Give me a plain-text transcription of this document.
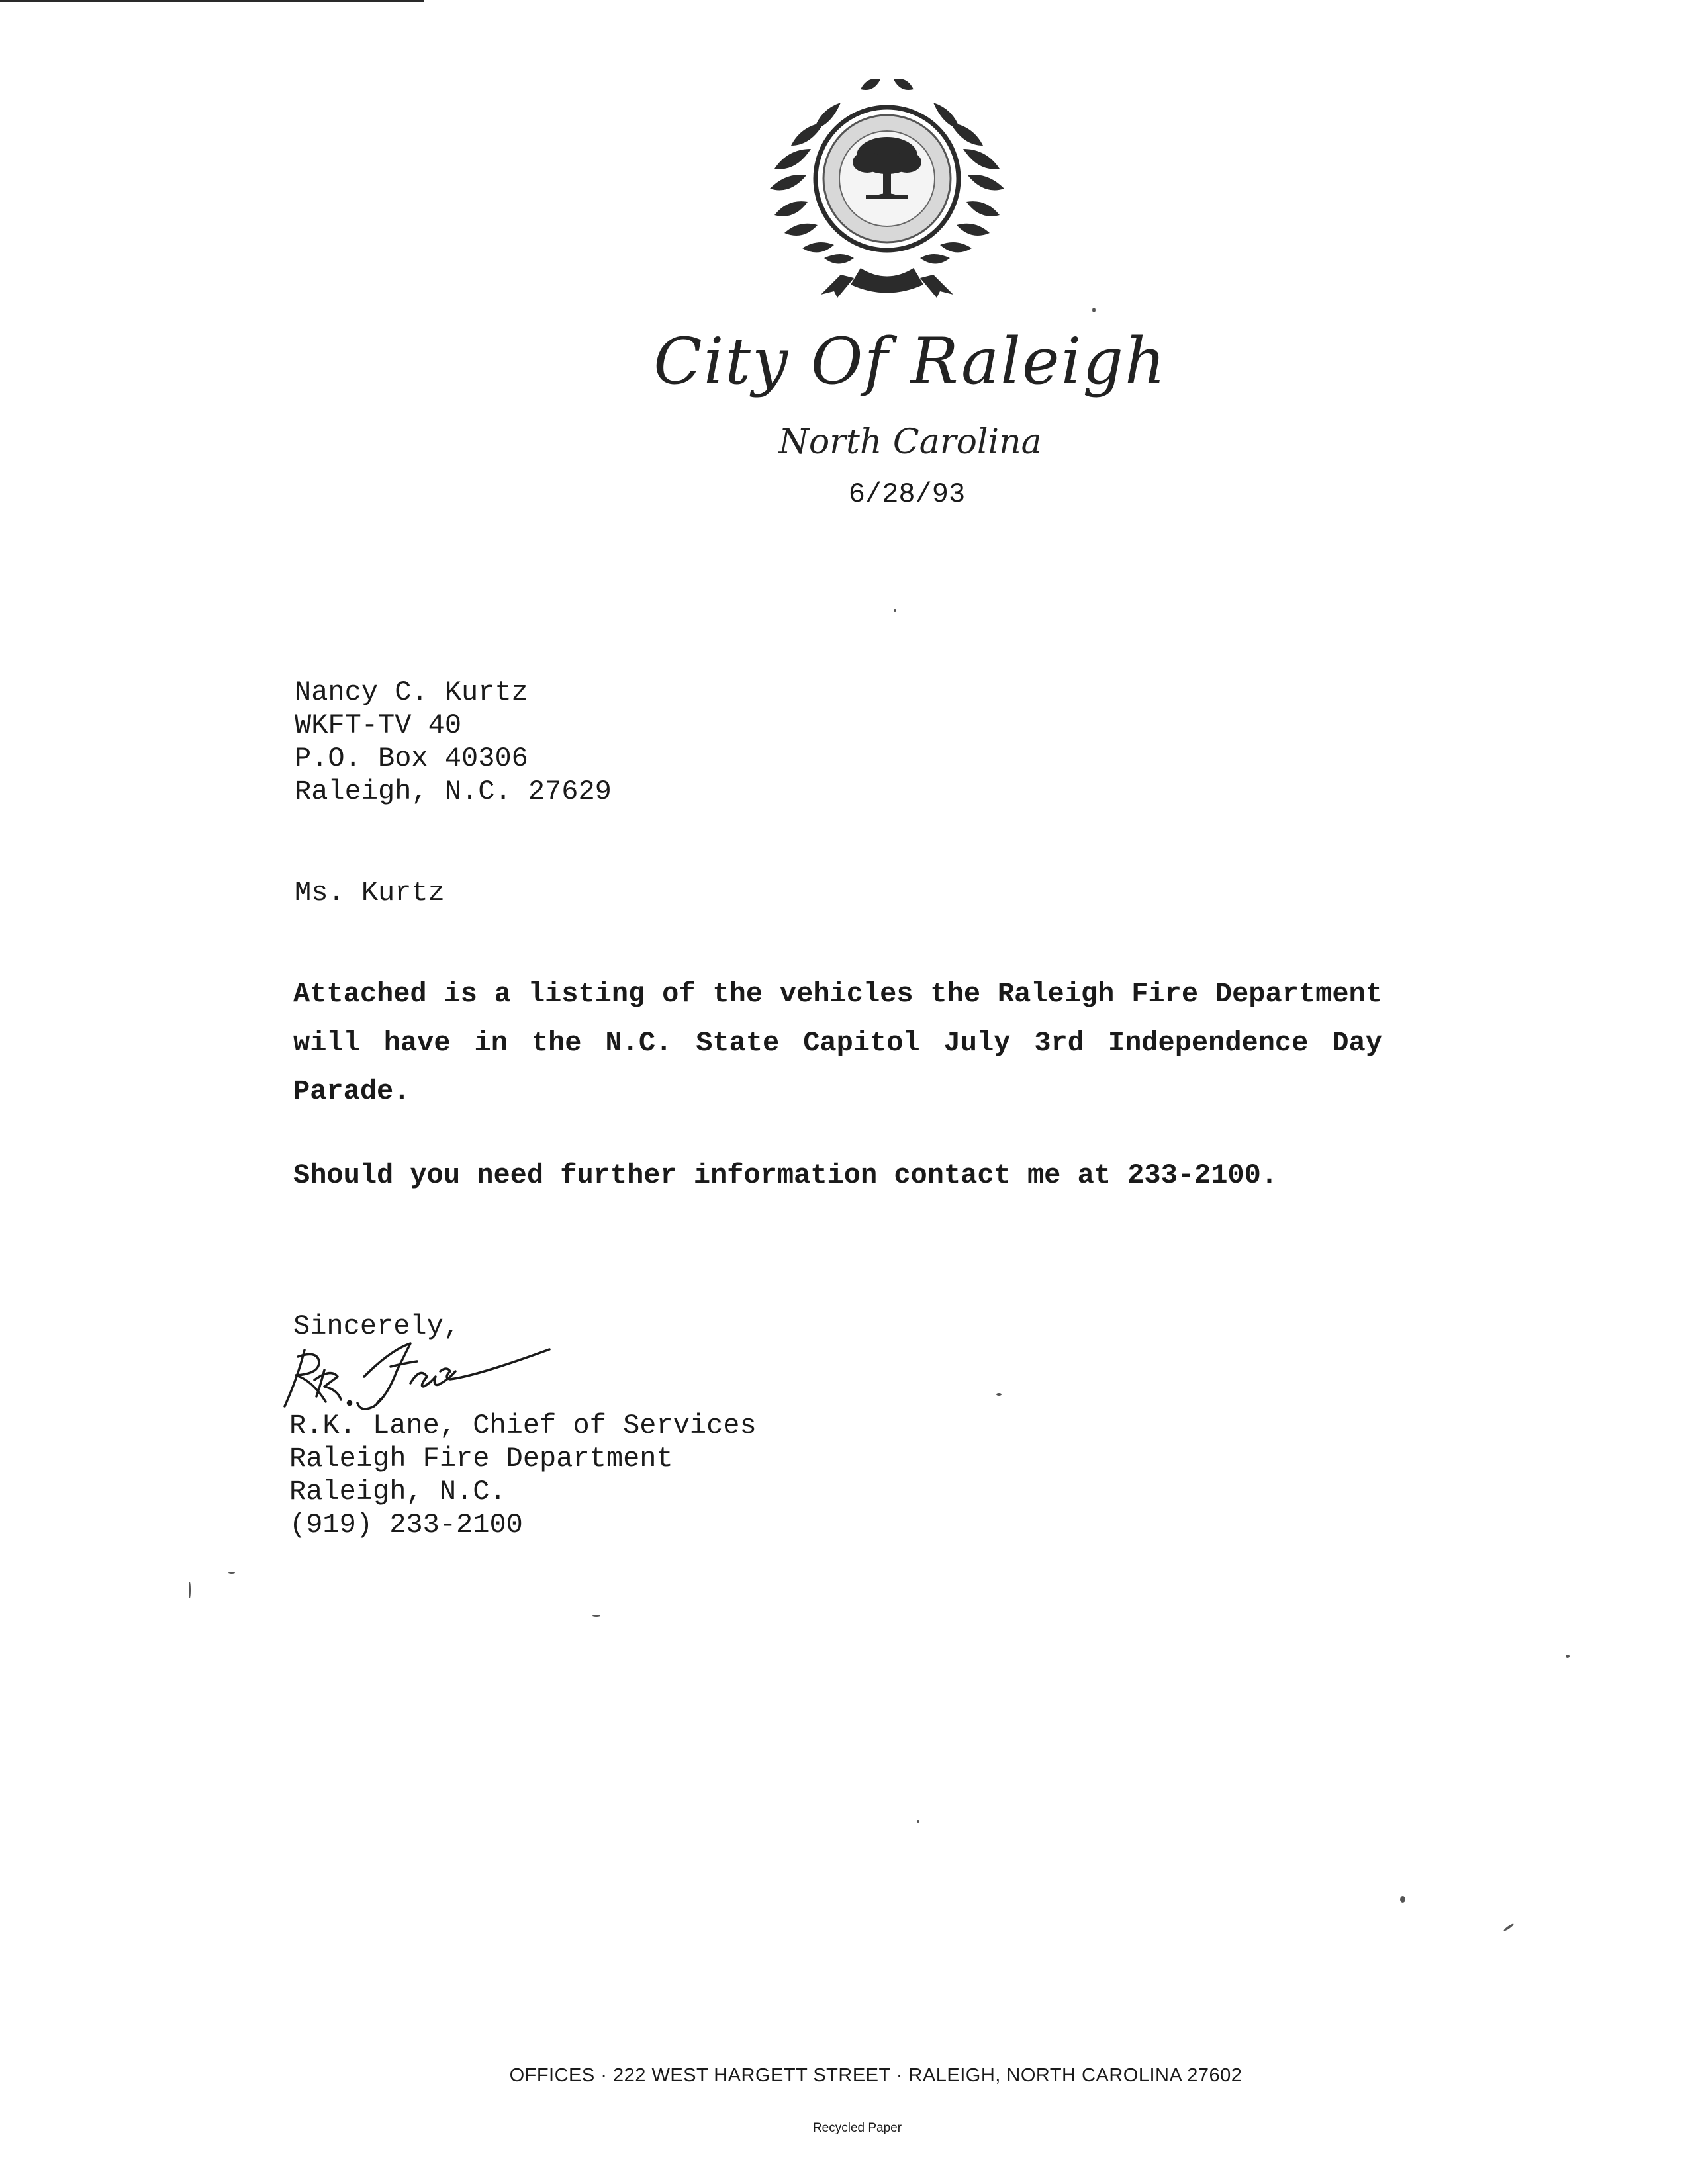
City Of Raleigh
North Carolina
6/28/93
Nancy C. Kurtz
WKFT-TV 40
P.O. Box 40306
Raleigh, N.C. 27629
Ms. Kurtz
Attached is a listing of the vehicles the Raleigh Fire Department
will have in the N.C. State Capitol July 3rd Independence Day
Parade.
Should you need further information contact me at 233-2100.
Sincerely,
R.K. Lane, Chief of Services
Raleigh Fire Department
Raleigh, N.C.
(919) 233-2100
OFFICES · 222 WEST HARGETT STREET · RALEIGH, NORTH CAROLINA 27602
Recycled Paper
